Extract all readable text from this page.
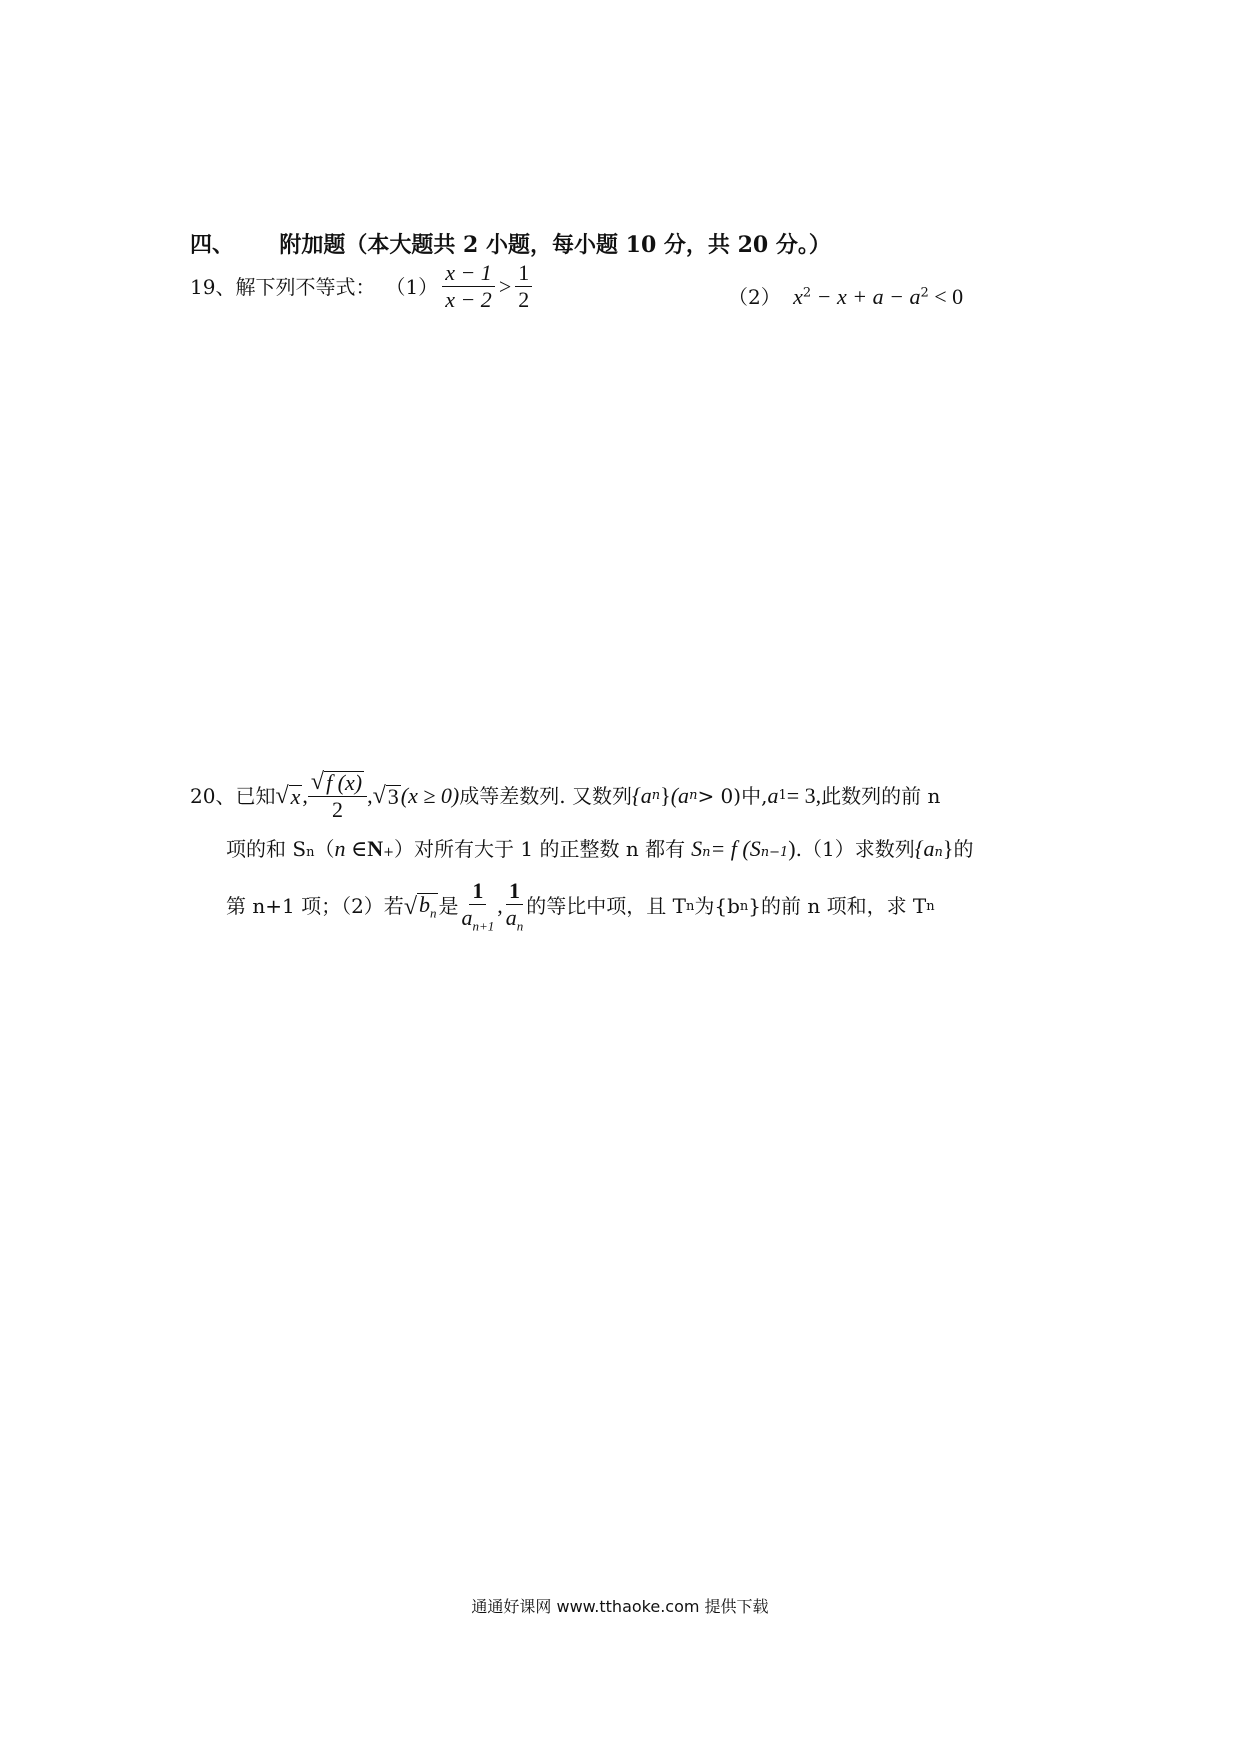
四、 附加题（本大题共 2 小题，每小题 10 分，共 20 分。）
19、解下列不等式： $(1) \frac{x - 1}{x - 2} > \frac{1}{2}$	（2） $x^2 - x + a - a^2 < 0$
20、已知 √ x , $\frac{√ f (x)}{2}$ , √ 3 (x ≥ 0) 成等差数列. 又数列 {a n } (a n > 0)中, a 1 = 3, 此数列的前 n
项的和 S n （ n ∈ N + ）对所有大于 1 的正整数 n 都有 S n = f (S n−1 ) .（1）求数列 {a n } 的
第 n+1 项；（2）若 √ $b_n$ 是 $\frac{1}{a_{n+1}}$ , $\frac{1}{a_n}$ 的等比中项，且 T n 为{b n }的前 n 项和，求 T n
通通好课网 www.tthaoke.com 提供下载
